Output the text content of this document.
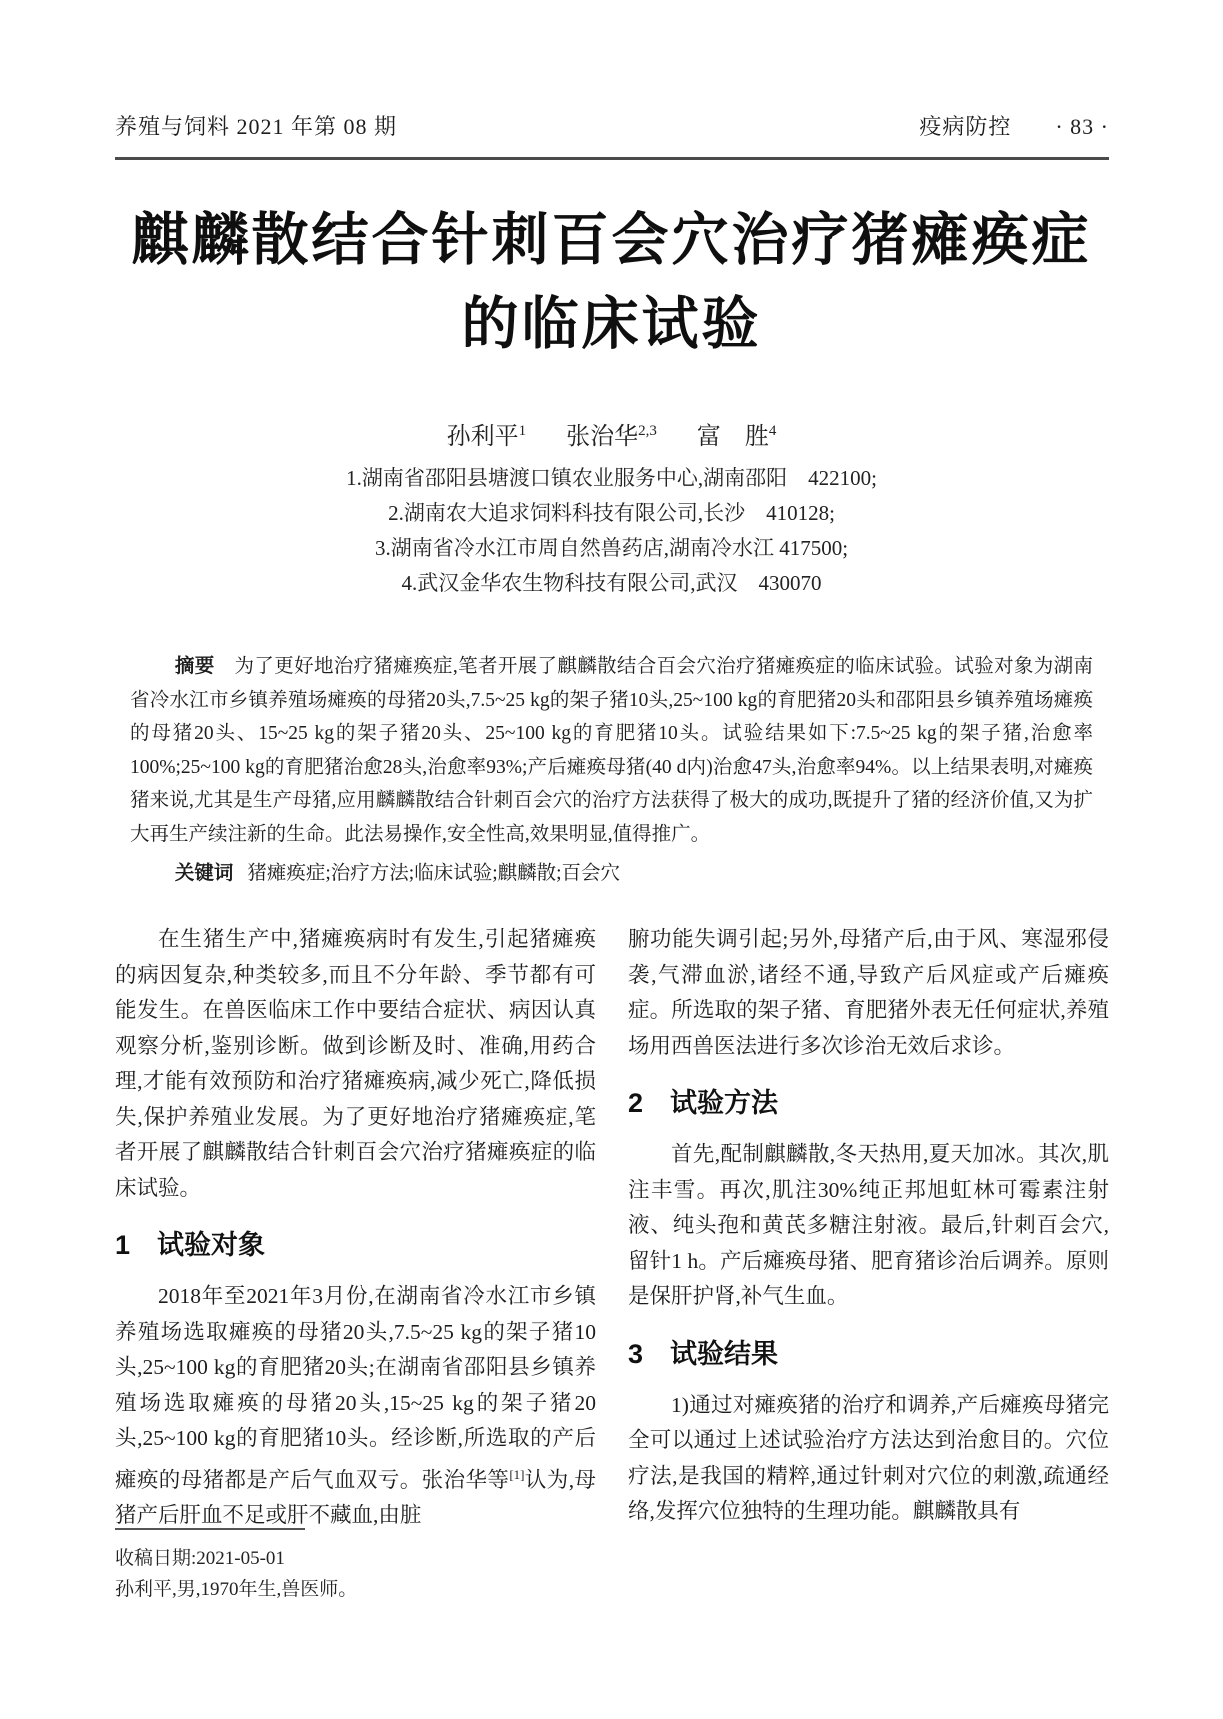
养殖与饲料 2021 年第 08 期	疫病防控 · 83 ·
麒麟散结合针刺百会穴治疗猪瘫痪症
的临床试验
孙利平$^1$ 张治华$^{2,3}$ 富　胜$^4$
1.湖南省邵阳县塘渡口镇农业服务中心,湖南邵阳　422100;
2.湖南农大追求饲料科技有限公司,长沙　410128;
3.湖南省冷水江市周自然兽药店,湖南冷水江 417500;
4.武汉金华农生物科技有限公司,武汉　430070

摘要 为了更好地治疗猪瘫痪症,笔者开展了麒麟散结合百会穴治疗猪瘫痪症的临床试验。试验对象为湖南省冷水江市乡镇养殖场瘫痪的母猪20头,7.5~25 kg的架子猪10头,25~100 kg的育肥猪20头和邵阳县乡镇养殖场瘫痪的母猪20头、15~25 kg的架子猪20头、25~100 kg的育肥猪10头。试验结果如下:7.5~25 kg的架子猪,治愈率100%;25~100 kg的育肥猪治愈28头,治愈率93%;产后瘫痪母猪(40 d内)治愈47头,治愈率94%。以上结果表明,对瘫痪猪来说,尤其是生产母猪,应用麟麟散结合针刺百会穴的治疗方法获得了极大的成功,既提升了猪的经济价值,又为扩大再生产续注新的生命。此法易操作,安全性高,效果明显,值得推广。

关键词 猪瘫痪症;治疗方法;临床试验;麒麟散;百会穴

在生猪生产中,猪瘫痪病时有发生,引起猪瘫痪的病因复杂,种类较多,而且不分年龄、季节都有可能发生。在兽医临床工作中要结合症状、病因认真观察分析,鉴别诊断。做到诊断及时、准确,用药合理,才能有效预防和治疗猪瘫痪病,减少死亡,降低损失,保护养殖业发展。为了更好地治疗猪瘫痪症,笔者开展了麒麟散结合针刺百会穴治疗猪瘫痪症的临床试验。

1 试验对象

2018年至2021年3月份,在湖南省冷水江市乡镇养殖场选取瘫痪的母猪20头,7.5~25 kg的架子猪10头,25~100 kg的育肥猪20头;在湖南省邵阳县乡镇养殖场选取瘫痪的母猪20头,15~25 kg的架子猪20头,25~100 kg的育肥猪10头。经诊断,所选取的产后瘫痪的母猪都是产后气血双亏。张治华等[1]认为,母猪产后肝血不足或肝不藏血,由脏

腑功能失调引起;另外,母猪产后,由于风、寒湿邪侵袭,气滞血淤,诸经不通,导致产后风症或产后瘫痪症。所选取的架子猪、育肥猪外表无任何症状,养殖场用西兽医法进行多次诊治无效后求诊。

2 试验方法

首先,配制麒麟散,冬天热用,夏天加冰。其次,肌注丰雪。再次,肌注30%纯正邦旭虹林可霉素注射液、纯头孢和黄芪多糖注射液。最后,针刺百会穴,留针1 h。产后瘫痪母猪、肥育猪诊治后调养。原则是保肝护肾,补气生血。

3 试验结果

1)通过对瘫痪猪的治疗和调养,产后瘫痪母猪完全可以通过上述试验治疗方法达到治愈目的。穴位疗法,是我国的精粹,通过针刺对穴位的刺激,疏通经络,发挥穴位独特的生理功能。麒麟散具有

收稿日期:2021-05-01

孙利平,男,1970年生,兽医师。
